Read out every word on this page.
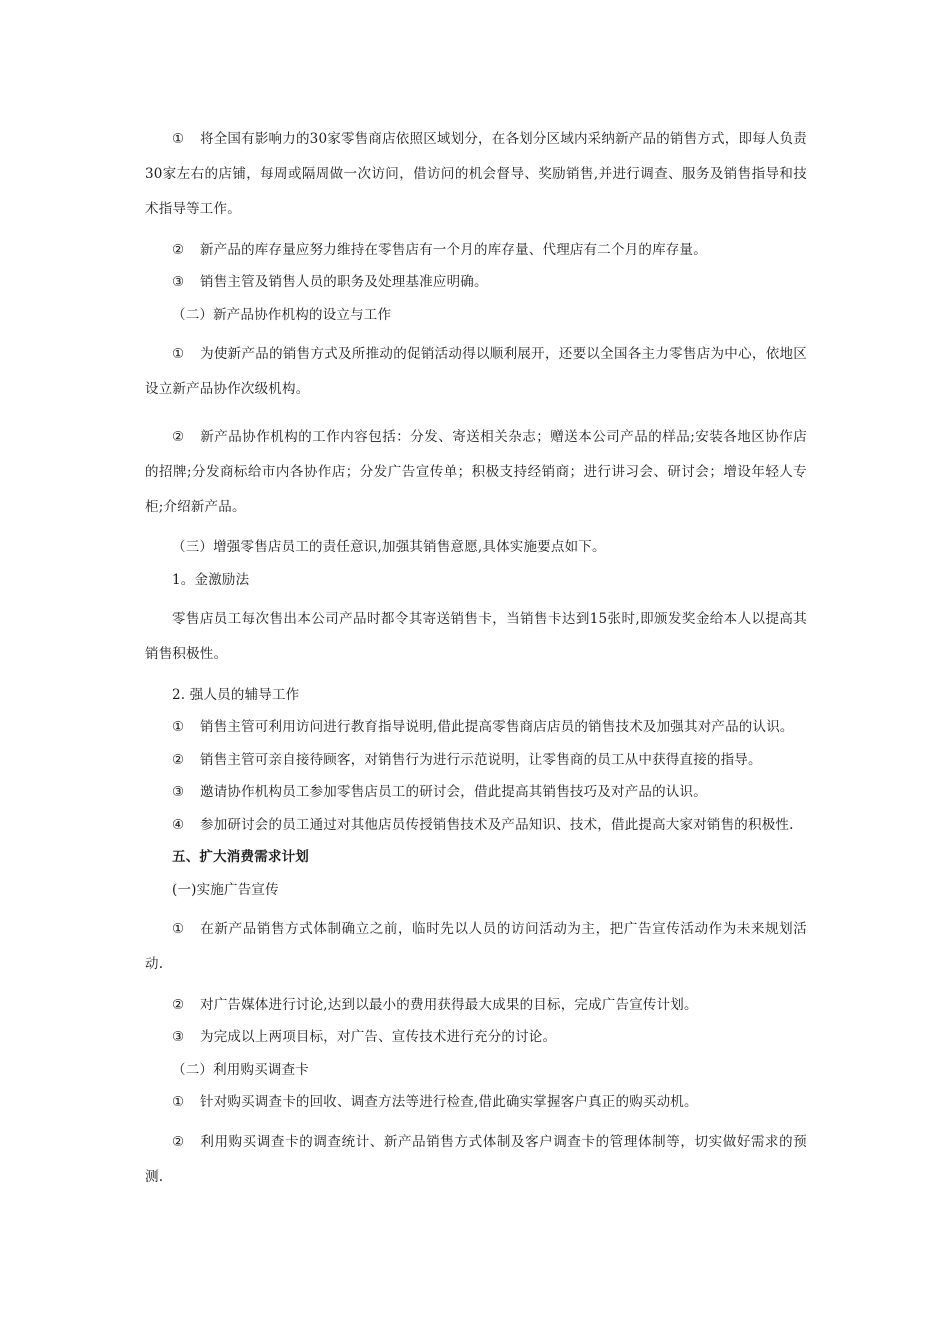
① 将全国有影响力的30家零售商店依照区域划分，在各划分区域内采纳新产品的销售方式，即每人负责30家左右的店铺，每周或隔周做一次访问，借访问的机会督导、奖励销售,并进行调查、服务及销售指导和技术指导等工作。

② 新产品的库存量应努力维持在零售店有一个月的库存量、代理店有二个月的库存量。

③ 销售主管及销售人员的职务及处理基准应明确。

（二）新产品协作机构的设立与工作

① 为使新产品的销售方式及所推动的促销活动得以顺利展开，还要以全国各主力零售店为中心，依地区设立新产品协作次级机构。

② 新产品协作机构的工作内容包括：分发、寄送相关杂志；赠送本公司产品的样品;安装各地区协作店的招牌;分发商标给市内各协作店；分发广告宣传单；积极支持经销商；进行讲习会、研讨会；增设年轻人专柜;介绍新产品。

（三）增强零售店员工的责任意识,加强其销售意愿,具体实施要点如下。

1。金激励法

零售店员工每次售出本公司产品时都令其寄送销售卡，当销售卡达到15张时,即颁发奖金给本人以提高其销售积极性。

2. 强人员的辅导工作

① 销售主管可利用访问进行教育指导说明,借此提高零售商店店员的销售技术及加强其对产品的认识。

② 销售主管可亲自接待顾客，对销售行为进行示范说明，让零售商的员工从中获得直接的指导。

③ 邀请协作机构员工参加零售店员工的研讨会，借此提高其销售技巧及对产品的认识。

④ 参加研讨会的员工通过对其他店员传授销售技术及产品知识、技术，借此提高大家对销售的积极性.

五、扩大消费需求计划

(一)实施广告宣传

① 在新产品销售方式体制确立之前，临时先以人员的访问活动为主，把广告宣传活动作为未来规划活动.

② 对广告媒体进行讨论,达到以最小的费用获得最大成果的目标，完成广告宣传计划。

③ 为完成以上两项目标，对广告、宣传技术进行充分的讨论。

（二）利用购买调查卡

① 针对购买调查卡的回收、调查方法等进行检查,借此确实掌握客户真正的购买动机。

② 利用购买调查卡的调查统计、新产品销售方式体制及客户调查卡的管理体制等，切实做好需求的预测.
